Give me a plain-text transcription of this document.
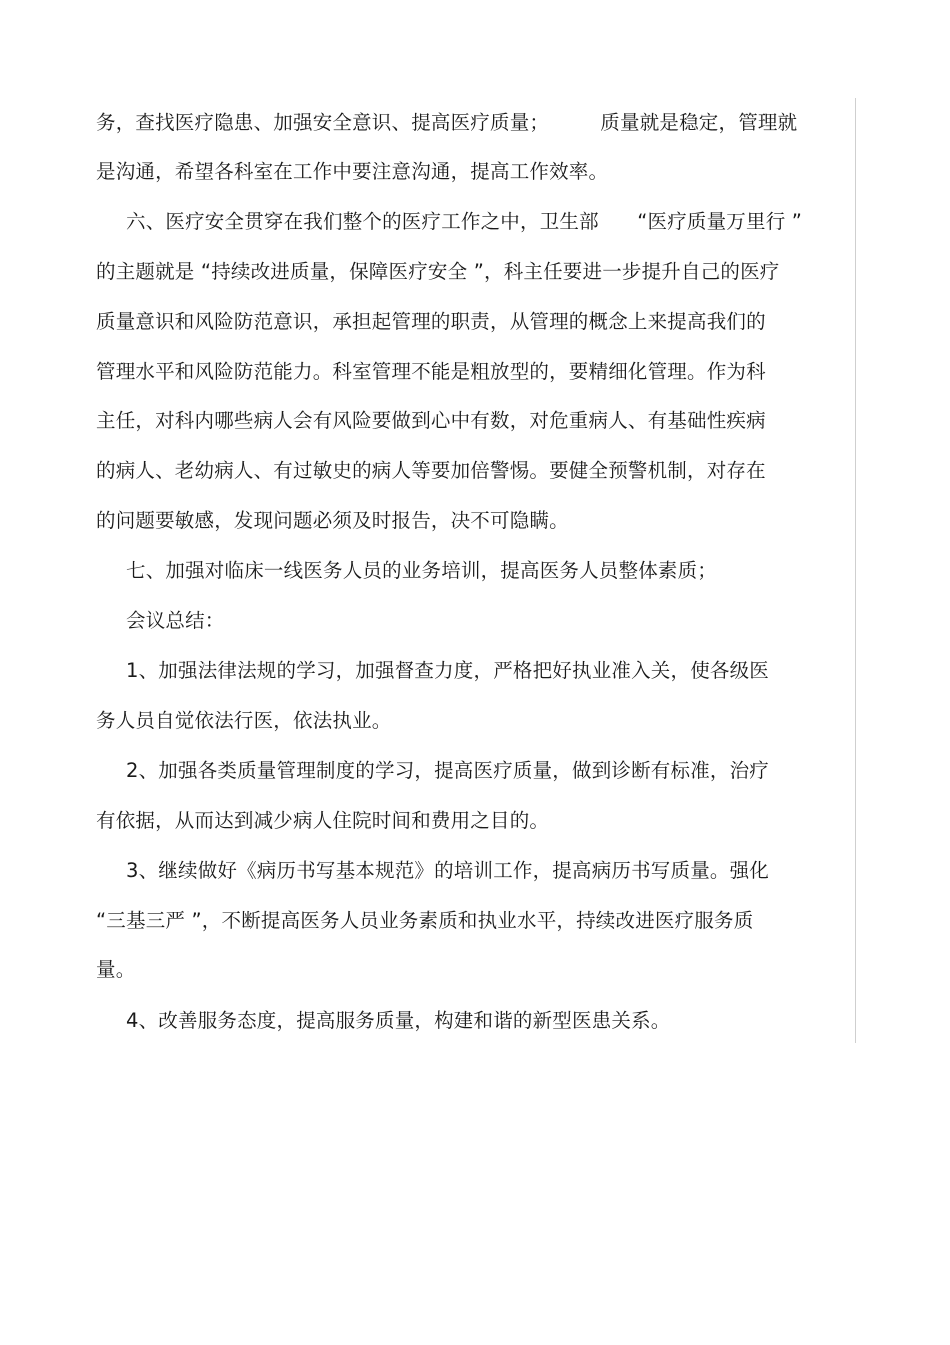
务，查找医疗隐患、加强安全意识、提高医疗质量；        质量就是稳定，管理就
是沟通，希望各科室在工作中要注意沟通，提高工作效率。
六、医疗安全贯穿在我们整个的医疗工作之中，卫生部      “医疗质量万里行 ”
的主题就是 “持续改进质量，保障医疗安全 ”，科主任要进一步提升自己的医疗
质量意识和风险防范意识，承担起管理的职责，从管理的概念上来提高我们的
管理水平和风险防范能力。科室管理不能是粗放型的，要精细化管理。作为科
主任，对科内哪些病人会有风险要做到心中有数，对危重病人、有基础性疾病
的病人、老幼病人、有过敏史的病人等要加倍警惕。要健全预警机制，对存在
的问题要敏感，发现问题必须及时报告，决不可隐瞒。
七、加强对临床一线医务人员的业务培训，提高医务人员整体素质；
会议总结：
1、加强法律法规的学习，加强督查力度，严格把好执业准入关，使各级医
务人员自觉依法行医，依法执业。
2、加强各类质量管理制度的学习，提高医疗质量，做到诊断有标准，治疗
有依据，从而达到减少病人住院时间和费用之目的。
3、继续做好《病历书写基本规范》的培训工作，提高病历书写质量。强化
“三基三严 ”，不断提高医务人员业务素质和执业水平，持续改进医疗服务质
量。
4、改善服务态度，提高服务质量，构建和谐的新型医患关系。
